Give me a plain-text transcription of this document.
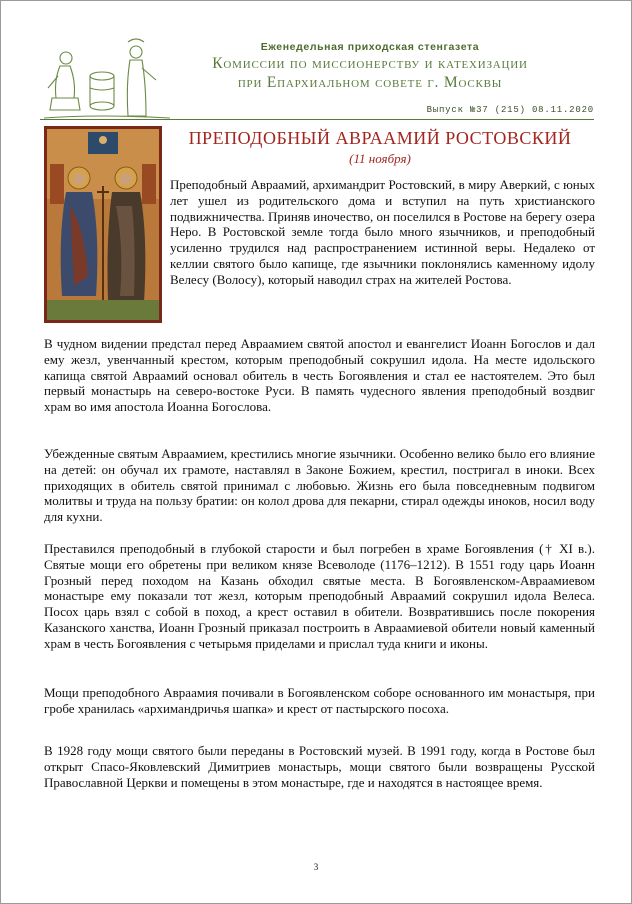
Еженедельная приходская стенгазета
Комиссии по миссионерству и катехизации
при Епархиальном совете г. Москвы
Выпуск №37 (215) 08.11.2020
ПРЕПОДОБНЫЙ АВРААМИЙ РОСТОВСКИЙ
(11 ноября)

Преподобный Авраамий, архимандрит Ростовский, в миру Аверкий, с юных лет ушел из родительского дома и вступил на путь христианского подвижничества. Приняв иночество, он поселился в Ростове на берегу озера Неро. В Ростовской земле тогда было много язычников, и преподобный усиленно трудился над распространением истинной веры. Недалеко от келлии святого было капище, где язычники поклонялись каменному идолу Велесу (Волосу), который наводил страх на жителей Ростова.

В чудном видении предстал перед Авраамием святой апостол и евангелист Иоанн Богослов и дал ему жезл, увенчанный крестом, которым преподобный сокрушил идола. На месте идольского капища святой Авраамий основал обитель в честь Богоявления и стал ее настоятелем. Это был первый монастырь на северо-востоке Руси. В память чудесного явления преподобный воздвиг храм во имя апостола Иоанна Богослова.

Убежденные святым Авраамием, крестились многие язычники. Особенно велико было его влияние на детей: он обучал их грамоте, наставлял в Законе Божием, крестил, постригал в иноки. Всех приходящих в обитель святой принимал с любовью. Жизнь его была повседневным подвигом молитвы и труда на пользу братии: он колол дрова для пекарни, стирал одежды иноков, носил воду для кухни.

Преставился преподобный в глубокой старости и был погребен в храме Богоявления († XI в.). Святые мощи его обретены при великом князе Всеволоде (1176–1212). В 1551 году царь Иоанн Грозный перед походом на Казань обходил святые места. В Богоявленском-Авраамиевом монастыре ему показали тот жезл, которым преподобный Авраамий сокрушил идола Велеса. Посох царь взял с собой в поход, а крест оставил в обители. Возвратившись после покорения Казанского ханства, Иоанн Грозный приказал построить в Авраамиевой обители новый каменный храм в честь Богоявления с четырьмя приделами и прислал туда книги и иконы.

Мощи преподобного Авраамия почивали в Богоявленском соборе основанного им монастыря, при гробе хранилась «архимандричья шапка» и крест от пастырского посоха.

В 1928 году мощи святого были переданы в Ростовский музей. В 1991 году, когда в Ростове был открыт Спасо-Яковлевский Димитриев монастырь, мощи святого были возвращены Русской Православной Церкви и помещены в этом монастыре, где и находятся в настоящее время.

3
